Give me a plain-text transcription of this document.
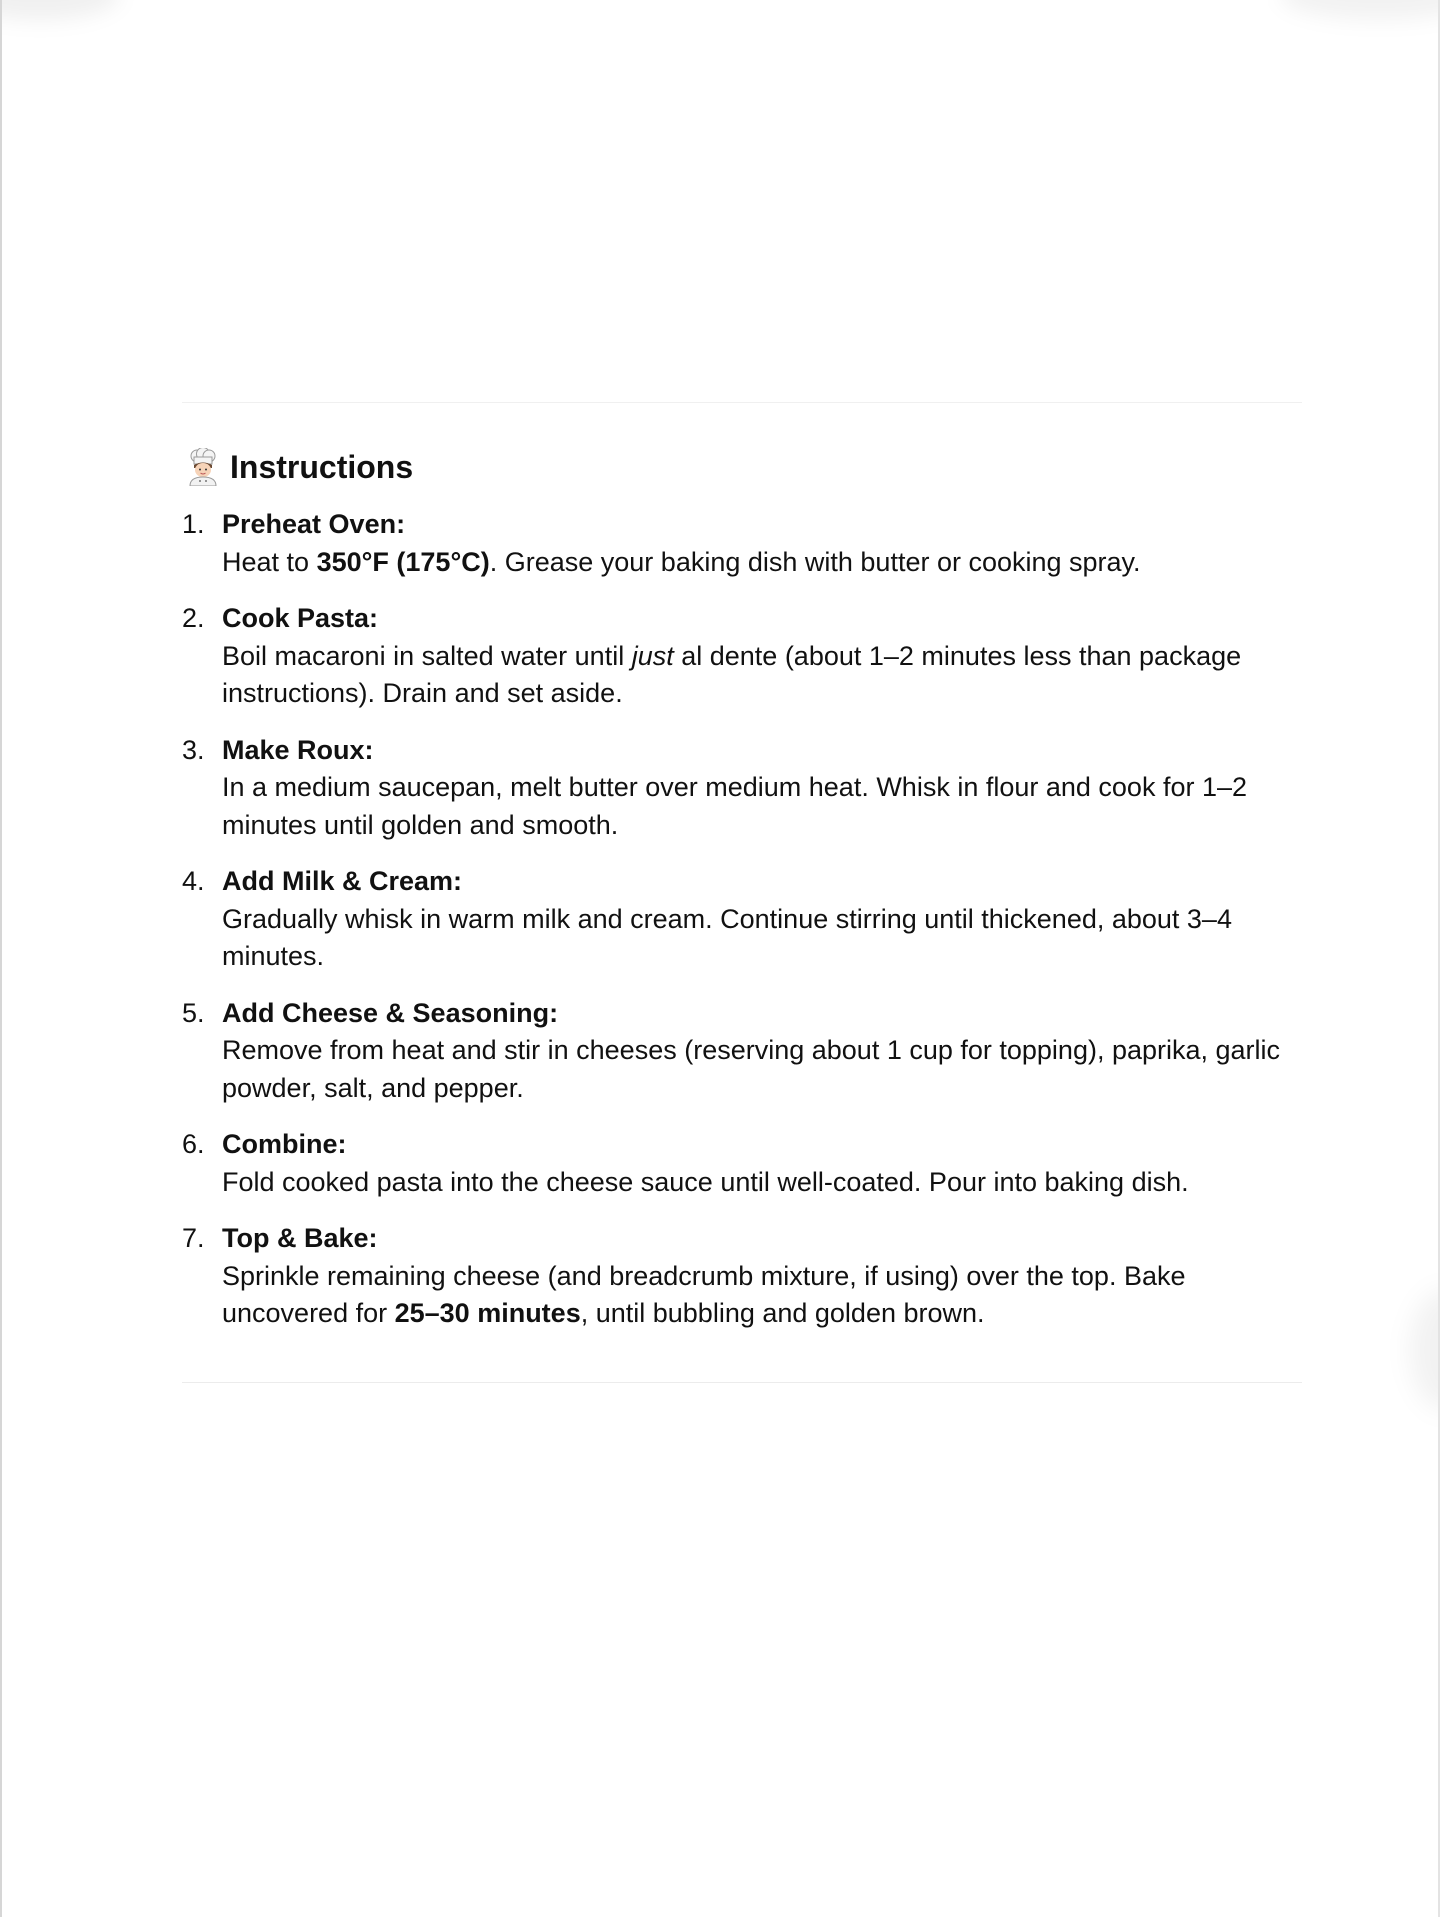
Instructions
1. Preheat Oven:
Heat to 350°F (175°C). Grease your baking dish with butter or cooking spray.
2. Cook Pasta:
Boil macaroni in salted water until just al dente (about 1–2 minutes less than package instructions). Drain and set aside.
3. Make Roux:
In a medium saucepan, melt butter over medium heat. Whisk in flour and cook for 1–2 minutes until golden and smooth.
4. Add Milk & Cream:
Gradually whisk in warm milk and cream. Continue stirring until thickened, about 3–4 minutes.
5. Add Cheese & Seasoning:
Remove from heat and stir in cheeses (reserving about 1 cup for topping), paprika, garlic powder, salt, and pepper.
6. Combine:
Fold cooked pasta into the cheese sauce until well-coated. Pour into baking dish.
7. Top & Bake:
Sprinkle remaining cheese (and breadcrumb mixture, if using) over the top. Bake uncovered for 25–30 minutes, until bubbling and golden brown.
